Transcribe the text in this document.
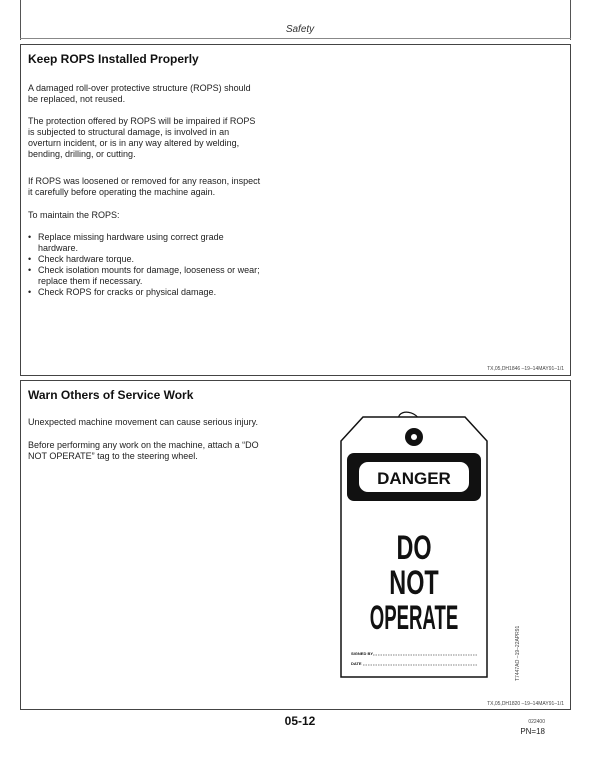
Safety
Keep ROPS Installed Properly
A damaged roll-over protective structure (ROPS) should
be replaced, not reused.
The protection offered by ROPS will be impaired if ROPS
is subjected to structural damage, is involved in an
overturn incident, or is in any way altered by welding,
bending, drilling, or cutting.
If ROPS was loosened or removed for any reason, inspect
it carefully before operating the machine again.
To maintain the ROPS:
• Replace missing hardware using correct grade
hardware.
• Check hardware torque.
• Check isolation mounts for damage, looseness or wear;
replace them if necessary.
• Check ROPS for cracks or physical damage.
TX,05,DH1846 –19–14MAY91–1/1
Warn Others of Service Work
Unexpected machine movement can cause serious injury.
Before performing any work on the machine, attach a “DO
NOT OPERATE” tag to the steering wheel.
DANGER
DO
NOT
OPERATE
SIGNED BY
DATE	T7447AO –19–22APR91
TX,05,DH1820 –19–14MAY91–1/1
05-12	022400
PN=18
